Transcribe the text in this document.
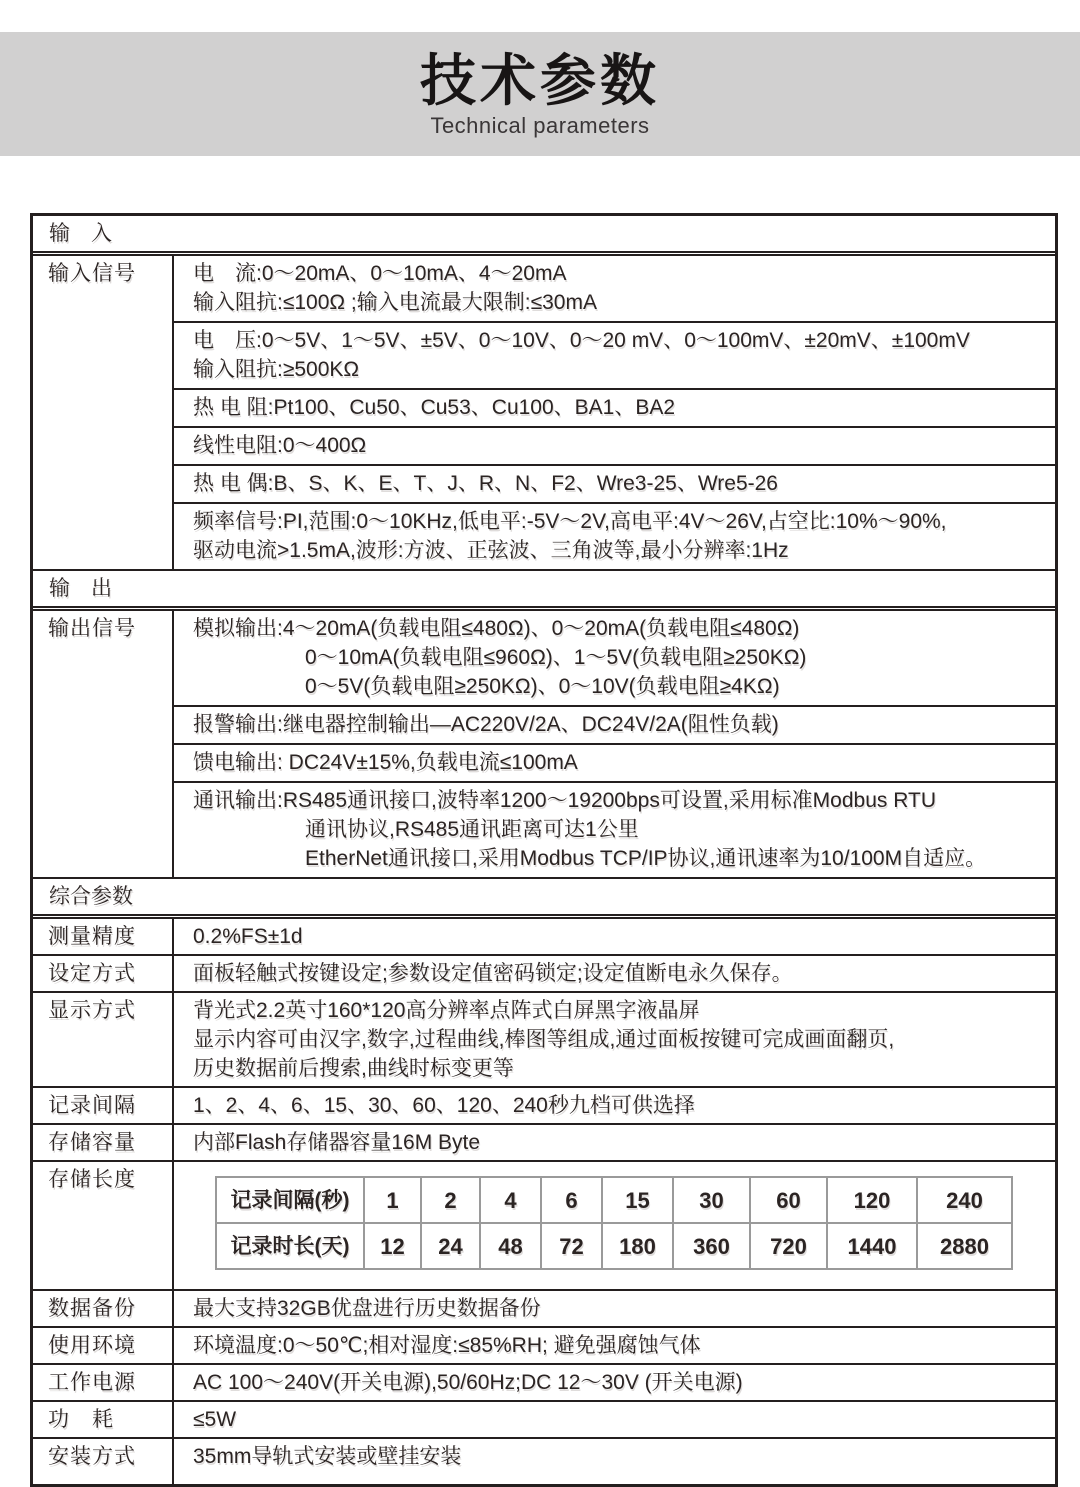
技术参数
Technical parameters
输　入
输入信号	电　流:0～20mA、0～10mA、4～20mA
输入阻抗:≤100Ω ;输入电流最大限制:≤30mA
电　压:0～5V、1～5V、±5V、0～10V、0～20 mV、0～100mV、±20mV、±100mV
输入阻抗:≥500KΩ
热 电 阻:Pt100、Cu50、Cu53、Cu100、BA1、BA2
线性电阻:0～400Ω
热 电 偶:B、S、K、E、T、J、R、N、F2、Wre3-25、Wre5-26
频率信号:PI,范围:0～10KHz,低电平:-5V～2V,高电平:4V～26V,占空比:10%～90%,
驱动电流>1.5mA,波形:方波、正弦波、三角波等,最小分辨率:1Hz
输　出
输出信号	模拟输出:4～20mA(负载电阻≤480Ω)、0～20mA(负载电阻≤480Ω)
0～10mA(负载电阻≤960Ω)、1～5V(负载电阻≥250KΩ)
0～5V(负载电阻≥250KΩ)、0～10V(负载电阻≥4KΩ)
报警输出:继电器控制输出—AC220V/2A、DC24V/2A(阻性负载)
馈电输出: DC24V±15%,负载电流≤100mA
通讯输出:RS485通讯接口,波特率1200～19200bps可设置,采用标准Modbus RTU
通讯协议,RS485通讯距离可达1公里
EtherNet通讯接口,采用Modbus TCP/IP协议,通讯速率为10/100M自适应。
综合参数
测量精度	0.2%FS±1d
设定方式	面板轻触式按键设定;参数设定值密码锁定;设定值断电永久保存。
显示方式	背光式2.2英寸160*120高分辨率点阵式白屏黑字液晶屏
显示内容可由汉字,数字,过程曲线,棒图等组成,通过面板按键可完成画面翻页,
历史数据前后搜索,曲线时标变更等
记录间隔	1、2、4、6、15、30、60、120、240秒九档可供选择
存储容量	内部Flash存储器容量16M Byte
存储长度
记录间隔(秒)	1	2	4	6	15	30	60	120	240
记录时长(天)	12	24	48	72	180	360	720	1440	2880
数据备份	最大支持32GB优盘进行历史数据备份
使用环境	环境温度:0～50℃;相对湿度:≤85%RH; 避免强腐蚀气体
工作电源	AC 100～240V(开关电源),50/60Hz;DC 12～30V (开关电源)
功　耗	≤5W
安装方式	35mm导轨式安装或壁挂安装
